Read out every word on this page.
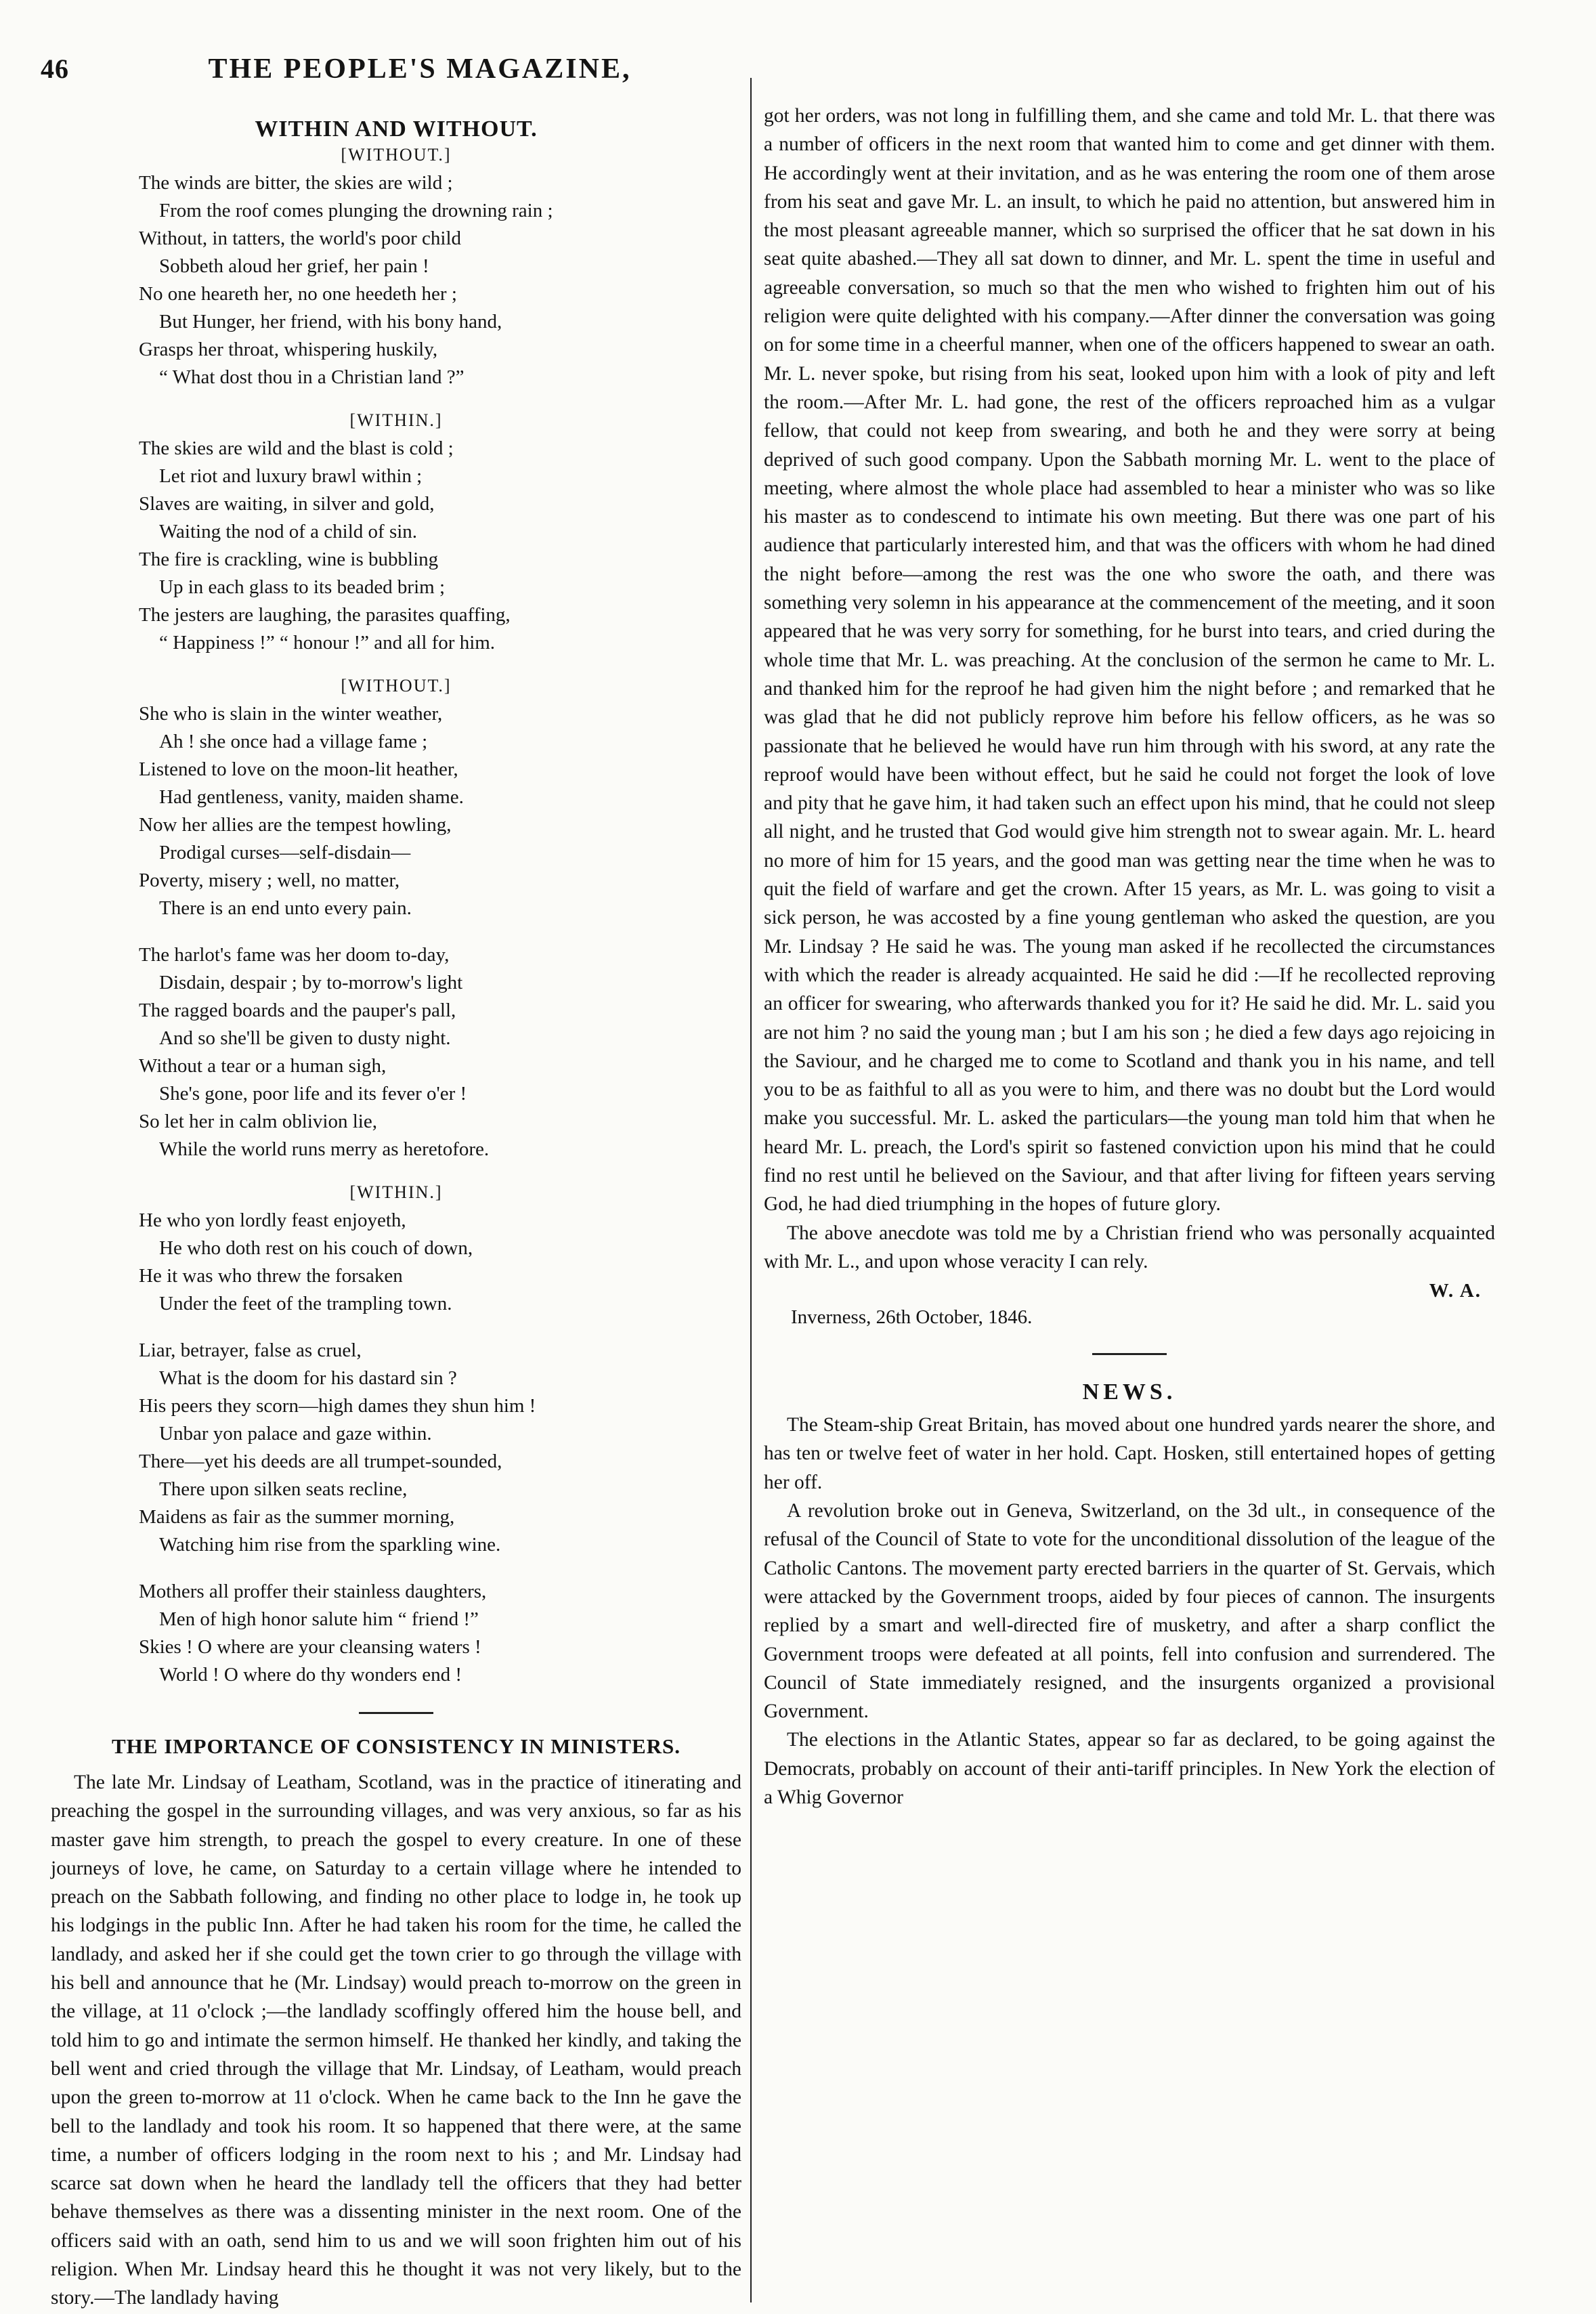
46	THE PEOPLE'S MAGAZINE,
WITHIN AND WITHOUT.
[WITHOUT.]
The winds are bitter, the skies are wild ;
From the roof comes plunging the drowning rain ;
Without, in tatters, the world's poor child
Sobbeth aloud her grief, her pain !
No one heareth her, no one heedeth her ;
But Hunger, her friend, with his bony hand,
Grasps her throat, whispering huskily,
“ What dost thou in a Christian land ?”
[WITHIN.]
The skies are wild and the blast is cold ;
Let riot and luxury brawl within ;
Slaves are waiting, in silver and gold,
Waiting the nod of a child of sin.
The fire is crackling, wine is bubbling
Up in each glass to its beaded brim ;
The jesters are laughing, the parasites quaffing,
“ Happiness !” “ honour !” and all for him.
[WITHOUT.]
She who is slain in the winter weather,
Ah ! she once had a village fame ;
Listened to love on the moon-lit heather,
Had gentleness, vanity, maiden shame.
Now her allies are the tempest howling,
Prodigal curses—self-disdain—
Poverty, misery ; well, no matter,
There is an end unto every pain.
The harlot's fame was her doom to-day,
Disdain, despair ; by to-morrow's light
The ragged boards and the pauper's pall,
And so she'll be given to dusty night.
Without a tear or a human sigh,
She's gone, poor life and its fever o'er !
So let her in calm oblivion lie,
While the world runs merry as heretofore.
[WITHIN.]
He who yon lordly feast enjoyeth,
He who doth rest on his couch of down,
He it was who threw the forsaken
Under the feet of the trampling town.
Liar, betrayer, false as cruel,
What is the doom for his dastard sin ?
His peers they scorn—high dames they shun him !
Unbar yon palace and gaze within.
There—yet his deeds are all trumpet-sounded,
There upon silken seats recline,
Maidens as fair as the summer morning,
Watching him rise from the sparkling wine.
Mothers all proffer their stainless daughters,
Men of high honor salute him “ friend !”
Skies ! O where are your cleansing waters !
World ! O where do thy wonders end !
THE IMPORTANCE OF CONSISTENCY IN MINISTERS.

The late Mr. Lindsay of Leatham, Scotland, was in the practice of itinerating and preaching the gospel in the surrounding villages, and was very anxious, so far as his master gave him strength, to preach the gospel to every creature. In one of these journeys of love, he came, on Saturday to a certain village where he intended to preach on the Sabbath following, and finding no other place to lodge in, he took up his lodgings in the public Inn. After he had taken his room for the time, he called the landlady, and asked her if she could get the town crier to go through the village with his bell and announce that he (Mr. Lindsay) would preach to-morrow on the green in the village, at 11 o'clock ;—the landlady scoffingly offered him the house bell, and told him to go and intimate the sermon himself. He thanked her kindly, and taking the bell went and cried through the village that Mr. Lindsay, of Leatham, would preach upon the green to-morrow at 11 o'clock. When he came back to the Inn he gave the bell to the landlady and took his room. It so happened that there were, at the same time, a number of officers lodging in the room next to his ; and Mr. Lindsay had scarce sat down when he heard the landlady tell the officers that they had better behave themselves as there was a dissenting minister in the next room. One of the officers said with an oath, send him to us and we will soon frighten him out of his religion. When Mr. Lindsay heard this he thought it was not very likely, but to the story.—The landlady having

got her orders, was not long in fulfilling them, and she came and told Mr. L. that there was a number of officers in the next room that wanted him to come and get dinner with them. He accordingly went at their invitation, and as he was entering the room one of them arose from his seat and gave Mr. L. an insult, to which he paid no attention, but answered him in the most pleasant agreeable manner, which so surprised the officer that he sat down in his seat quite abashed.—They all sat down to dinner, and Mr. L. spent the time in useful and agreeable conversation, so much so that the men who wished to frighten him out of his religion were quite delighted with his company.—After dinner the conversation was going on for some time in a cheerful manner, when one of the officers happened to swear an oath. Mr. L. never spoke, but rising from his seat, looked upon him with a look of pity and left the room.—After Mr. L. had gone, the rest of the officers reproached him as a vulgar fellow, that could not keep from swearing, and both he and they were sorry at being deprived of such good company. Upon the Sabbath morning Mr. L. went to the place of meeting, where almost the whole place had assembled to hear a minister who was so like his master as to condescend to intimate his own meeting. But there was one part of his audience that particularly interested him, and that was the officers with whom he had dined the night before—among the rest was the one who swore the oath, and there was something very solemn in his appearance at the commencement of the meeting, and it soon appeared that he was very sorry for something, for he burst into tears, and cried during the whole time that Mr. L. was preaching. At the conclusion of the sermon he came to Mr. L. and thanked him for the reproof he had given him the night before ; and remarked that he was glad that he did not publicly reprove him before his fellow officers, as he was so passionate that he believed he would have run him through with his sword, at any rate the reproof would have been without effect, but he said he could not forget the look of love and pity that he gave him, it had taken such an effect upon his mind, that he could not sleep all night, and he trusted that God would give him strength not to swear again. Mr. L. heard no more of him for 15 years, and the good man was getting near the time when he was to quit the field of warfare and get the crown. After 15 years, as Mr. L. was going to visit a sick person, he was accosted by a fine young gentleman who asked the question, are you Mr. Lindsay ? He said he was. The young man asked if he recollected the circumstances with which the reader is already acquainted. He said he did :—If he recollected reproving an officer for swearing, who afterwards thanked you for it? He said he did. Mr. L. said you are not him ? no said the young man ; but I am his son ; he died a few days ago rejoicing in the Saviour, and he charged me to come to Scotland and thank you in his name, and tell you to be as faithful to all as you were to him, and there was no doubt but the Lord would make you successful. Mr. L. asked the particulars—the young man told him that when he heard Mr. L. preach, the Lord's spirit so fastened conviction upon his mind that he could find no rest until he believed on the Saviour, and that after living for fifteen years serving God, he had died triumphing in the hopes of future glory.

The above anecdote was told me by a Christian friend who was personally acquainted with Mr. L., and upon whose veracity I can rely.

W. A.
Inverness, 26th October, 1846.
NEWS.

The Steam-ship Great Britain, has moved about one hundred yards nearer the shore, and has ten or twelve feet of water in her hold. Capt. Hosken, still entertained hopes of getting her off.

A revolution broke out in Geneva, Switzerland, on the 3d ult., in consequence of the refusal of the Council of State to vote for the unconditional dissolution of the league of the Catholic Cantons. The movement party erected barriers in the quarter of St. Gervais, which were attacked by the Government troops, aided by four pieces of cannon. The insurgents replied by a smart and well-directed fire of musketry, and after a sharp conflict the Government troops were defeated at all points, fell into confusion and surrendered. The Council of State immediately resigned, and the insurgents organized a provisional Government.

The elections in the Atlantic States, appear so far as declared, to be going against the Democrats, probably on account of their anti-tariff principles. In New York the election of a Whig Governor
